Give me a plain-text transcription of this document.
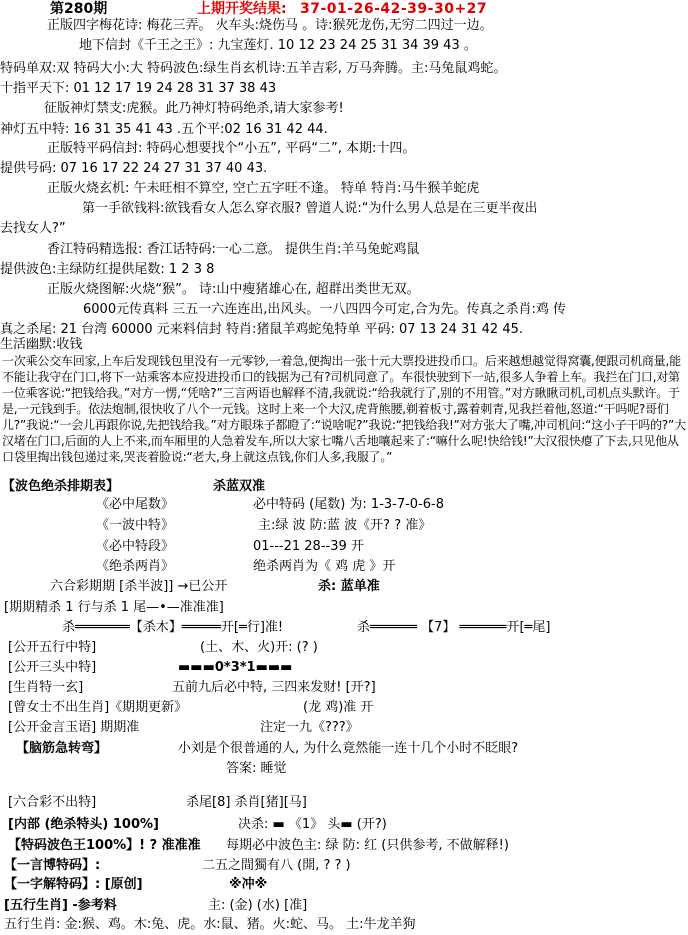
第280期	上期开奖结果: 37-01-26-42-39-30+27
正版四字梅花诗: 梅花三弄。 火车头:烧伤马 。诗:猴死龙伤,无穷二四过一边。
地下信封《千王之王》: 九宝莲灯. 10 12 23 24 25 31 34 39 43 。
特码单双:双 特码大小:大 特码波色:绿生肖玄机诗:五羊吉彩, 万马奔腾。主:马兔鼠鸡蛇。
十指平天下: 01 12 17 19 24 28 31 37 38 43
征版神灯禁支:虎猴。此乃神灯特码绝杀,请大家参考!
神灯五中特: 16 31 35 41 43 .五个平:02 16 31 42 44.
正版特平码信封: 特码心想要找个“小五”, 平码“二”, 本期:十四。
提供号码: 07 16 17 22 24 27 31 37 40 43.
正版火烧玄机: 午未旺相不算空, 空亡五字旺不逢。 特单 特肖:马牛猴羊蛇虎
第一手欲钱料:欲钱看女人怎么穿衣服? 曾道人说:“为什么男人总是在三更半夜出
去找女人?”
香江特码精选报: 香江话特码:一心二意。 提供生肖:羊马兔蛇鸡鼠
提供波色:主绿防红提供尾数: 1 2 3 8
正版火烧图解:火烧“猴”。 诗:山中瘦猪雄心在, 超群出类世无双。
6000元传真料 三五一六连连出,出风头。一八四四今可定,合为先。传真之杀肖:鸡 传
真之杀尾: 21 台湾 60000 元来料信封 特肖:猪鼠羊鸡蛇兔特单 平码: 07 13 24 31 42 45.
生活幽默:收钱
一次乘公交车回家,上车后发现钱包里没有一元零钞,一着急,便掏出一张十元大票投进投币口。后来越想越觉得窝囊,便跟司机商量,能不能让我守在门口,将下一站乘客本应投进投币口的钱据为己有?司机同意了。车很快驶到下一站,很多人争着上车。我拦在门口,对第一位乘客说:“把钱给我。”对方一愣,“凭啥?”三言两语也解释不清,我就说:“给我就行了,别的不用管。”对方瞅瞅司机,司机点头默许。于是,一元钱到手。依法炮制,很快收了八个一元钱。这时上来一个大汉,虎背熊腰,剃着板寸,露着刺青,见我拦着他,怒道:“干吗呢?哥们儿?”我说:“一会儿再跟你说,先把钱给我。”对方眼珠子都瞪了:“说啥呢?”我说:“把钱给我!”对方张大了嘴,冲司机问:“这小子干吗的?”大汉堵在门口,后面的人上不来,而车厢里的人急着发车,所以大家七嘴八舌地嚷起来了:“嘛什么呢!快给钱!”大汉很快瘪了下去,只见他从口袋里掏出钱包递过来,哭丧着脸说:“老大,身上就这点钱,你们人多,我服了。”
【波色绝杀排期表】	杀蓝双准
《必中尾数》	必中特码 (尾数) 为: 1-3-7-0-6-8
《一波中特》	主:绿 波 防:蓝 波《开? ? 准》
《必中特段》	01---21 28--39 开
《绝杀两肖》	绝杀两肖为《 鸡 虎 》开
六合彩期期 [杀半波]] →已公开	杀: 蓝单准
[期期精杀 1 行与杀 1 尾—•—准准准]
杀═══════【杀木】═════开[═行]准!	杀══════ 【7】 ══════开[═尾]
[公开五行中特]	(土、木、火)开: (? )
[公开三头中特]	▬▬▬0*3*1▬▬▬
[生肖特一玄]	五前九后必中特, 三四来发财! [开?]
[曾女士不出生肖]《期期更新》	(龙 鸡)准 开
[公开金言玉语] 期期准	注定一九《???》
【脑筋急转弯】	小刘是个很普通的人, 为什么竟然能一连十几个小时不眨眼?
答案: 睡觉
[六合彩不出特]	杀尾[8] 杀肖[猪][马]
[内部 (绝杀特头) 100%]	决杀: ▬ 《1》 头▬ (开?)
【特码波色王100%】! ? 准准准 每期必中波色主: 绿 防: 红 (只供参考, 不做解释!)
【一言博特码】:	二五之間獨有八 (開, ? ? )
【一字解特码】: [原创]	※冲※
[五行生肖] -参考料	主: (金) (水) [准]
五行生肖: 金:猴、鸡。木:兔、虎。水:鼠、猪。火:蛇、马。 土:牛龙羊狗
